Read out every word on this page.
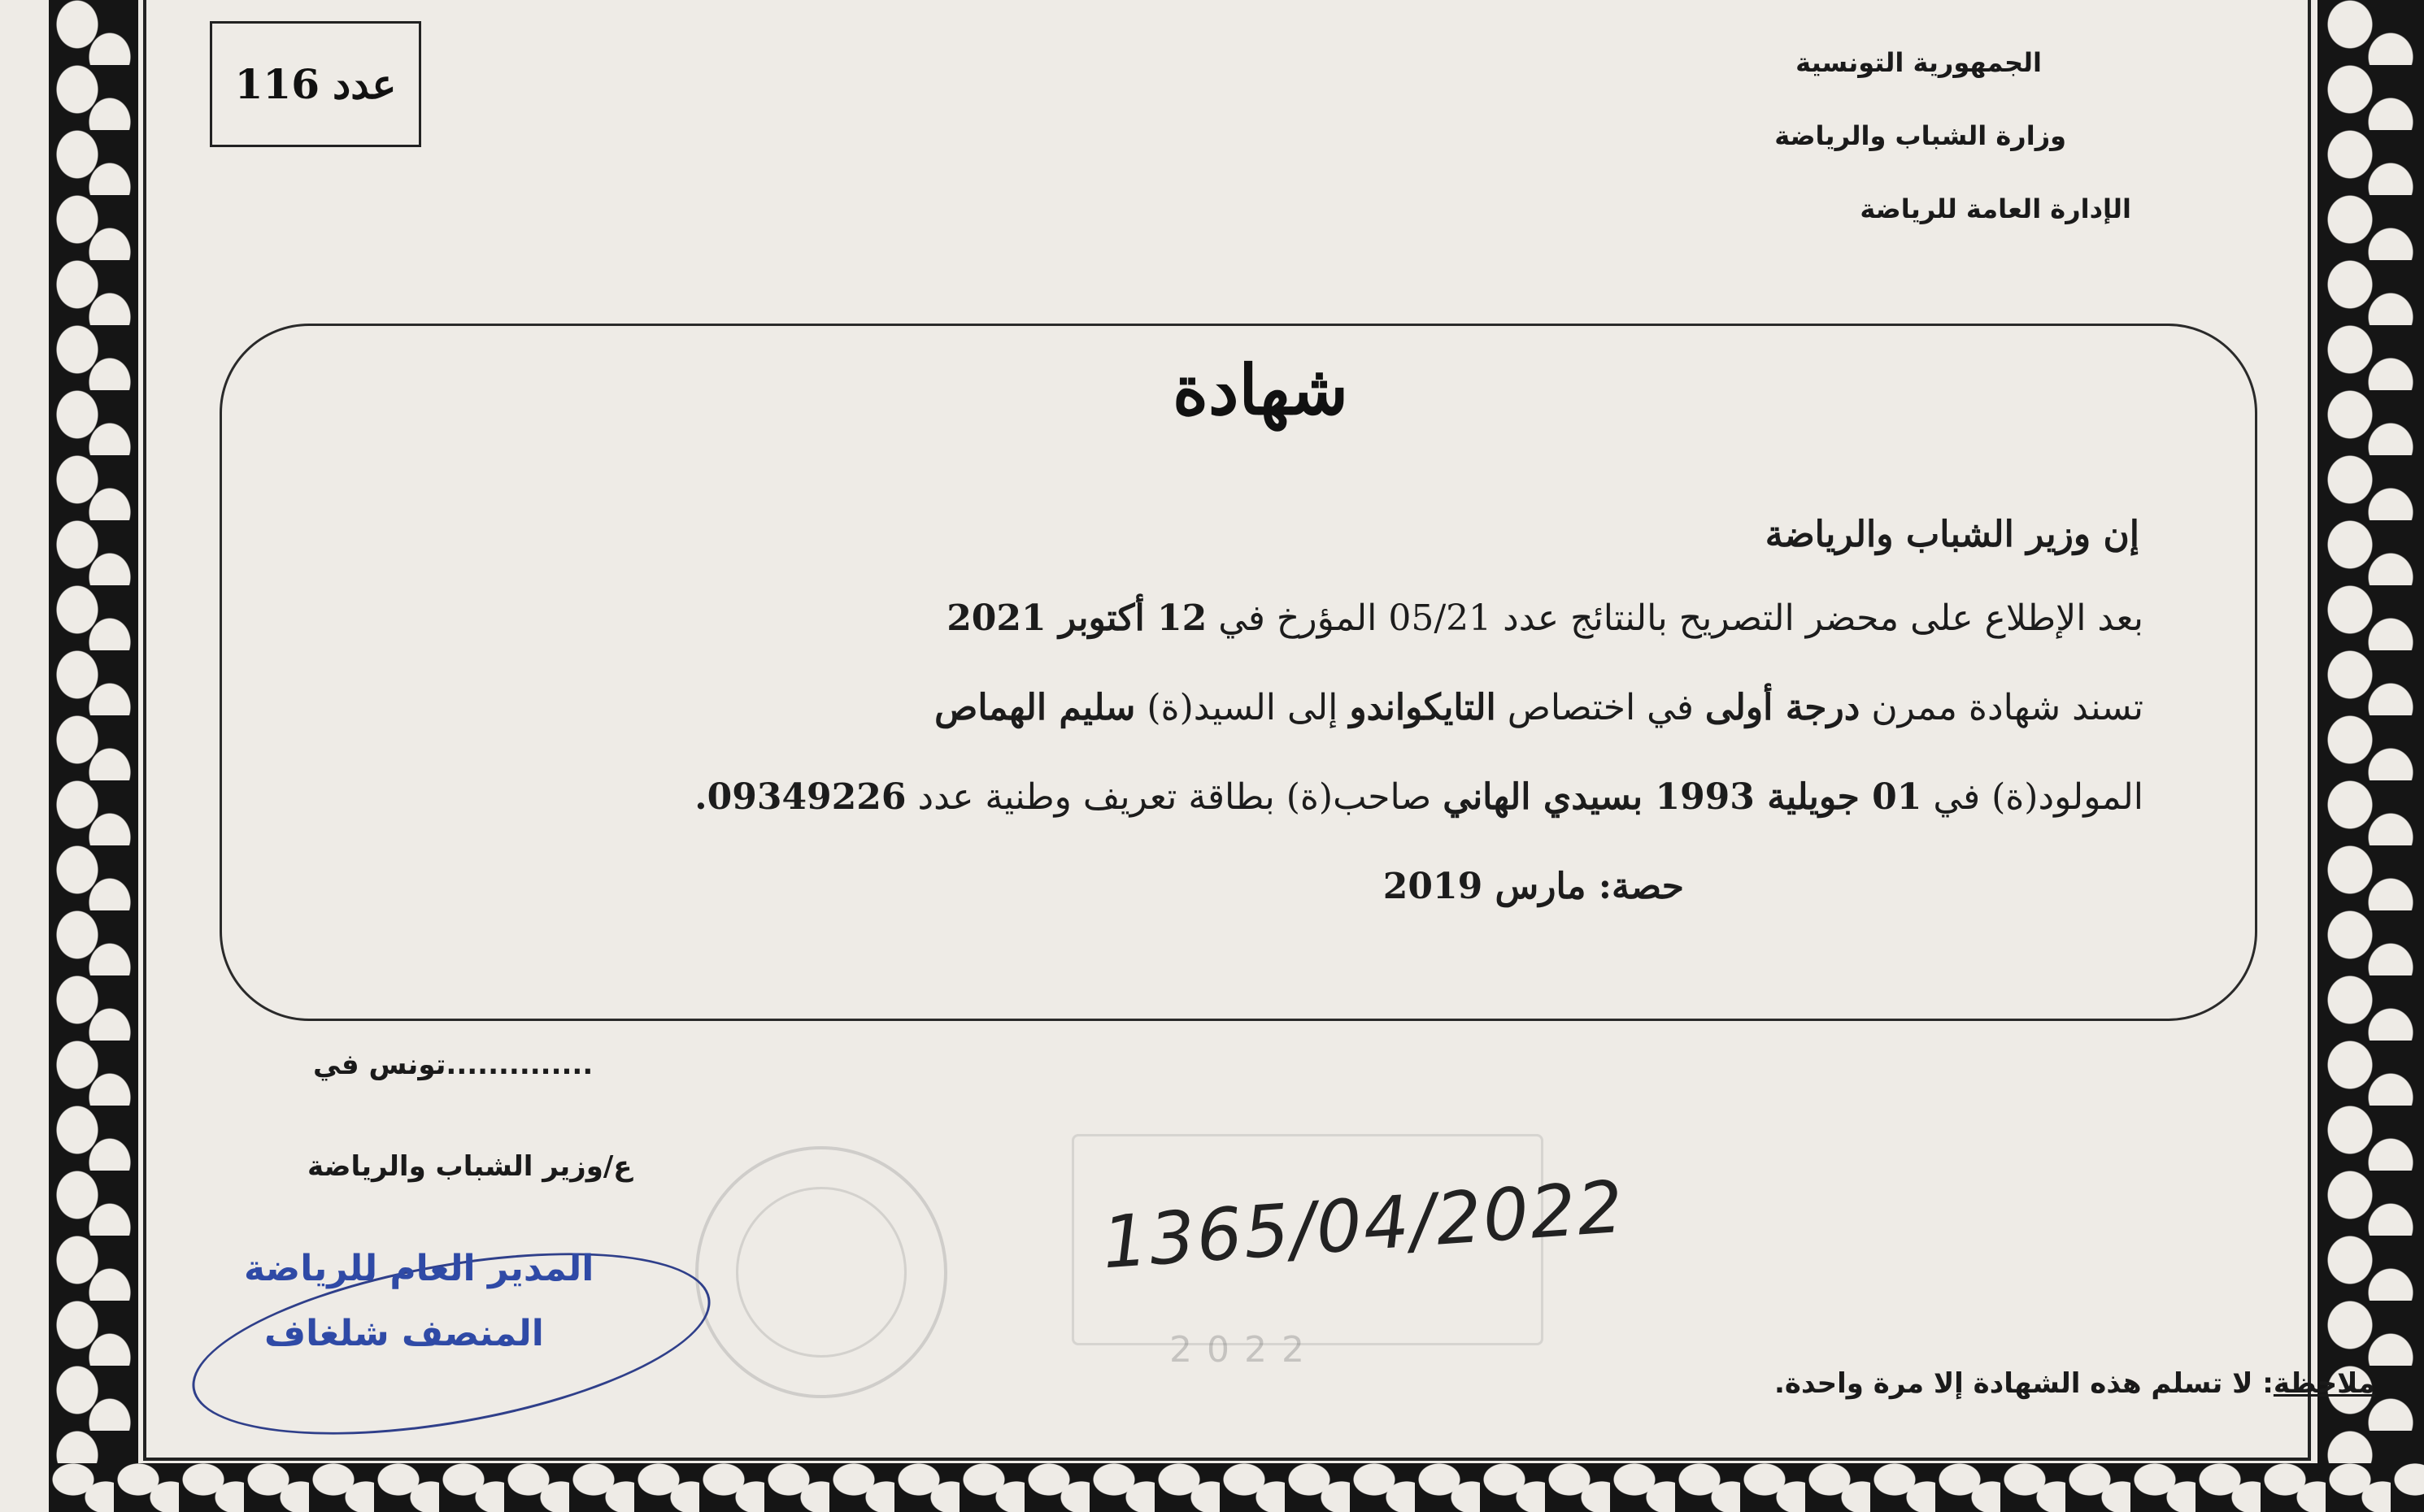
عدد
116	الجمهورية التونسية
وزارة الشباب والرياضة
الإدارة العامة للرياضة
شهادة
إن وزير الشباب والرياضة
بعد الإطلاع على محضر التصريح بالنتائج عدد 05/21 المؤرخ في 12 أكتوبر 2021
تسند شهادة ممرن درجة أولى في اختصاص التايكواندو إلى السيد(ة) سليم الهماص
المولود(ة) في 01 جويلية 1993 بسيدي الهاني صاحب(ة) بطاقة تعريف وطنية عدد 09349226.
حصة: مارس 2019
تونس في..............
ع/وزير الشباب والرياضة
2022
1365/04/2022
المدير العام للرياضة
المنصف شلغاف
ملاحظة: لا تسلم هذه الشهادة إلا مرة واحدة.
